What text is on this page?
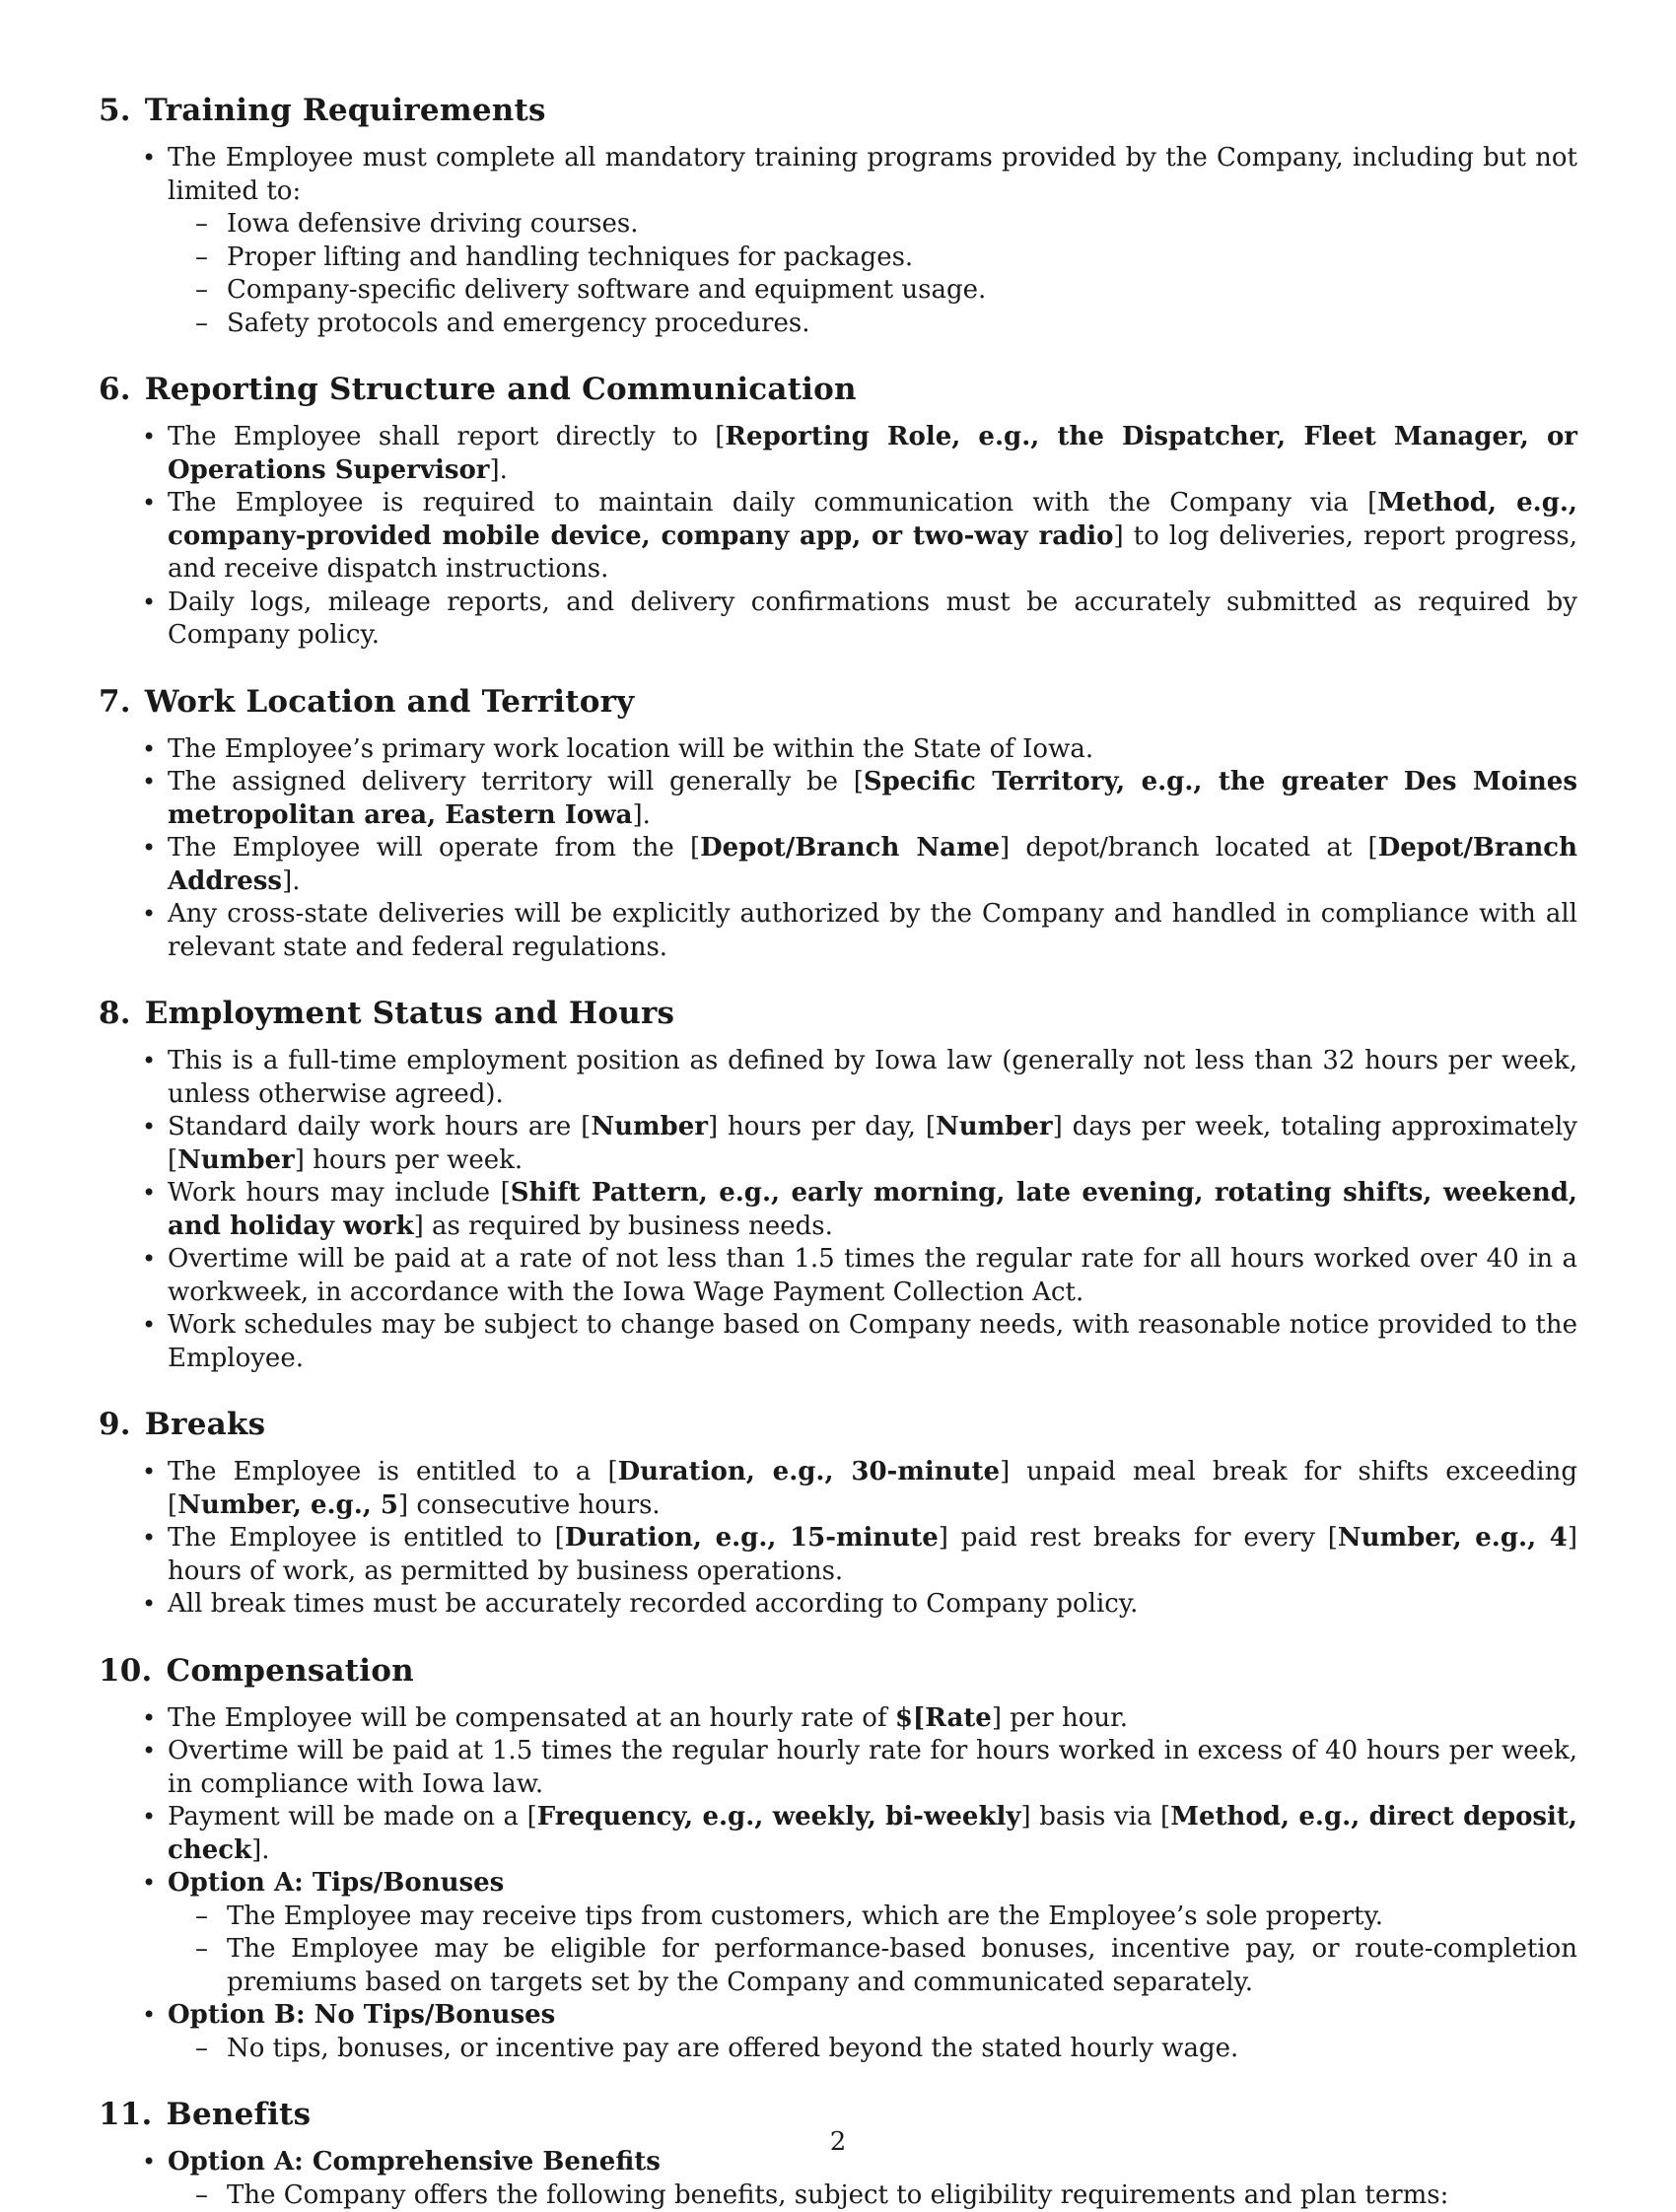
5. Training Requirements
• The Employee must complete all mandatory training programs provided by the Company, including but not limited to:
– Iowa defensive driving courses.
– Proper lifting and handling techniques for packages.
– Company-specific delivery software and equipment usage.
– Safety protocols and emergency procedures.
6. Reporting Structure and Communication
• The Employee shall report directly to [Reporting Role, e.g., the Dispatcher, Fleet Manager, or Operations Supervisor].
• The Employee is required to maintain daily communication with the Company via [Method, e.g., company-provided mobile device, company app, or two-way radio] to log deliveries, report progress, and receive dispatch instructions.
• Daily logs, mileage reports, and delivery confirmations must be accurately submitted as required by Company policy.
7. Work Location and Territory
• The Employee’s primary work location will be within the State of Iowa.
• The assigned delivery territory will generally be [Specific Territory, e.g., the greater Des Moines metropolitan area, Eastern Iowa].
• The Employee will operate from the [Depot/Branch Name] depot/branch located at [Depot/Branch Address].
• Any cross-state deliveries will be explicitly authorized by the Company and handled in compliance with all relevant state and federal regulations.
8. Employment Status and Hours
• This is a full-time employment position as defined by Iowa law (generally not less than 32 hours per week, unless otherwise agreed).
• Standard daily work hours are [Number] hours per day, [Number] days per week, totaling approximately [Number] hours per week.
• Work hours may include [Shift Pattern, e.g., early morning, late evening, rotating shifts, weekend, and holiday work] as required by business needs.
• Overtime will be paid at a rate of not less than 1.5 times the regular rate for all hours worked over 40 in a workweek, in accordance with the Iowa Wage Payment Collection Act.
• Work schedules may be subject to change based on Company needs, with reasonable notice provided to the Employee.
9. Breaks
• The Employee is entitled to a [Duration, e.g., 30-minute] unpaid meal break for shifts exceeding [Number, e.g., 5] consecutive hours.
• The Employee is entitled to [Duration, e.g., 15-minute] paid rest breaks for every [Number, e.g., 4] hours of work, as permitted by business operations.
• All break times must be accurately recorded according to Company policy.
10. Compensation
• The Employee will be compensated at an hourly rate of $[Rate] per hour.
• Overtime will be paid at 1.5 times the regular hourly rate for hours worked in excess of 40 hours per week, in compliance with Iowa law.
• Payment will be made on a [Frequency, e.g., weekly, bi-weekly] basis via [Method, e.g., direct deposit, check].
• Option A: Tips/Bonuses
– The Employee may receive tips from customers, which are the Employee’s sole property.
– The Employee may be eligible for performance-based bonuses, incentive pay, or route-completion premiums based on targets set by the Company and communicated separately.
• Option B: No Tips/Bonuses
– No tips, bonuses, or incentive pay are offered beyond the stated hourly wage.
11. Benefits
• Option A: Comprehensive Benefits
– The Company offers the following benefits, subject to eligibility requirements and plan terms:
2
